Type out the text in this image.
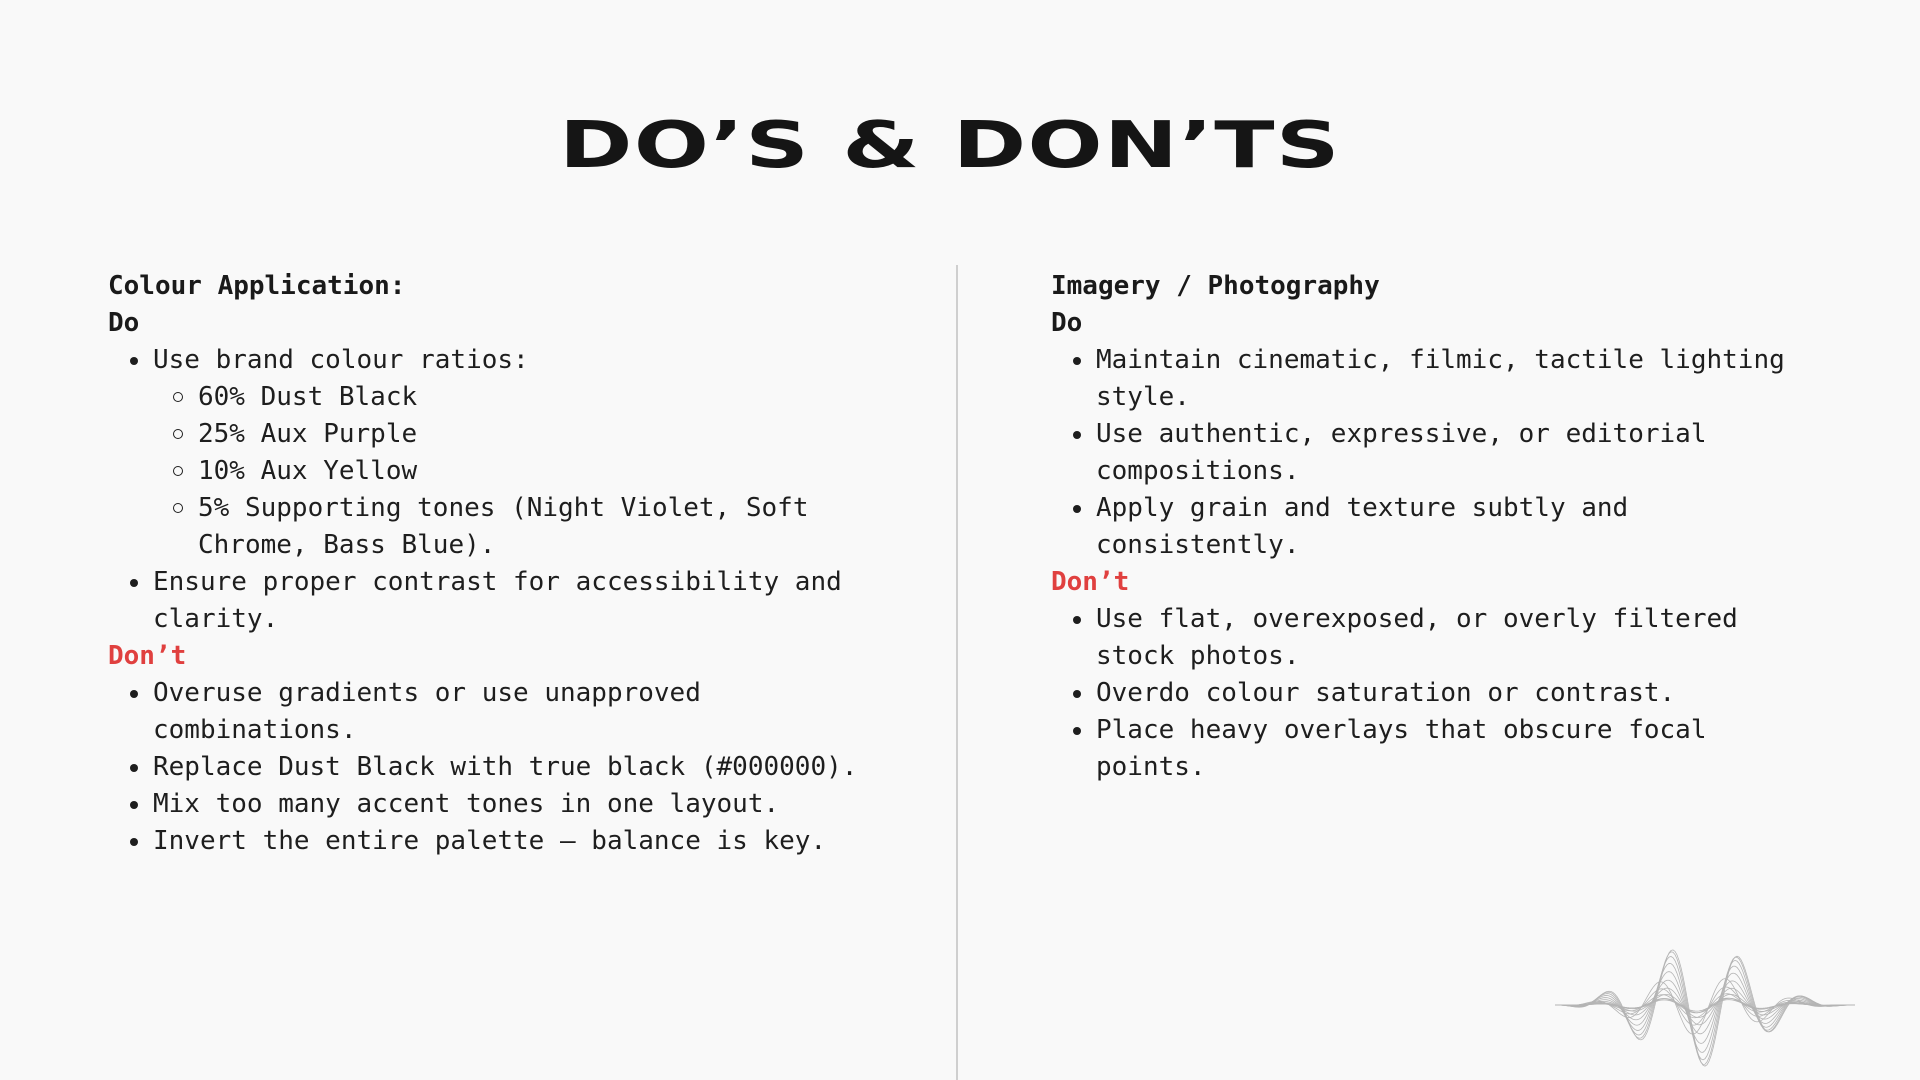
DO’S & DON’TS
Colour Application:
Do
Use brand colour ratios:
60% Dust Black
25% Aux Purple
10% Aux Yellow
5% Supporting tones (Night Violet, Soft Chrome, Bass Blue).
Ensure proper contrast for accessibility and clarity.
Don’t
Overuse gradients or use unapproved combinations.
Replace Dust Black with true black (#000000).
Mix too many accent tones in one layout.
Invert the entire palette — balance is key.
Imagery / Photography
Do
Maintain cinematic, filmic, tactile lighting style.
Use authentic, expressive, or editorial compositions.
Apply grain and texture subtly and consistently.
Don’t
Use flat, overexposed, or overly filtered stock photos.
Overdo colour saturation or contrast.
Place heavy overlays that obscure focal points.
